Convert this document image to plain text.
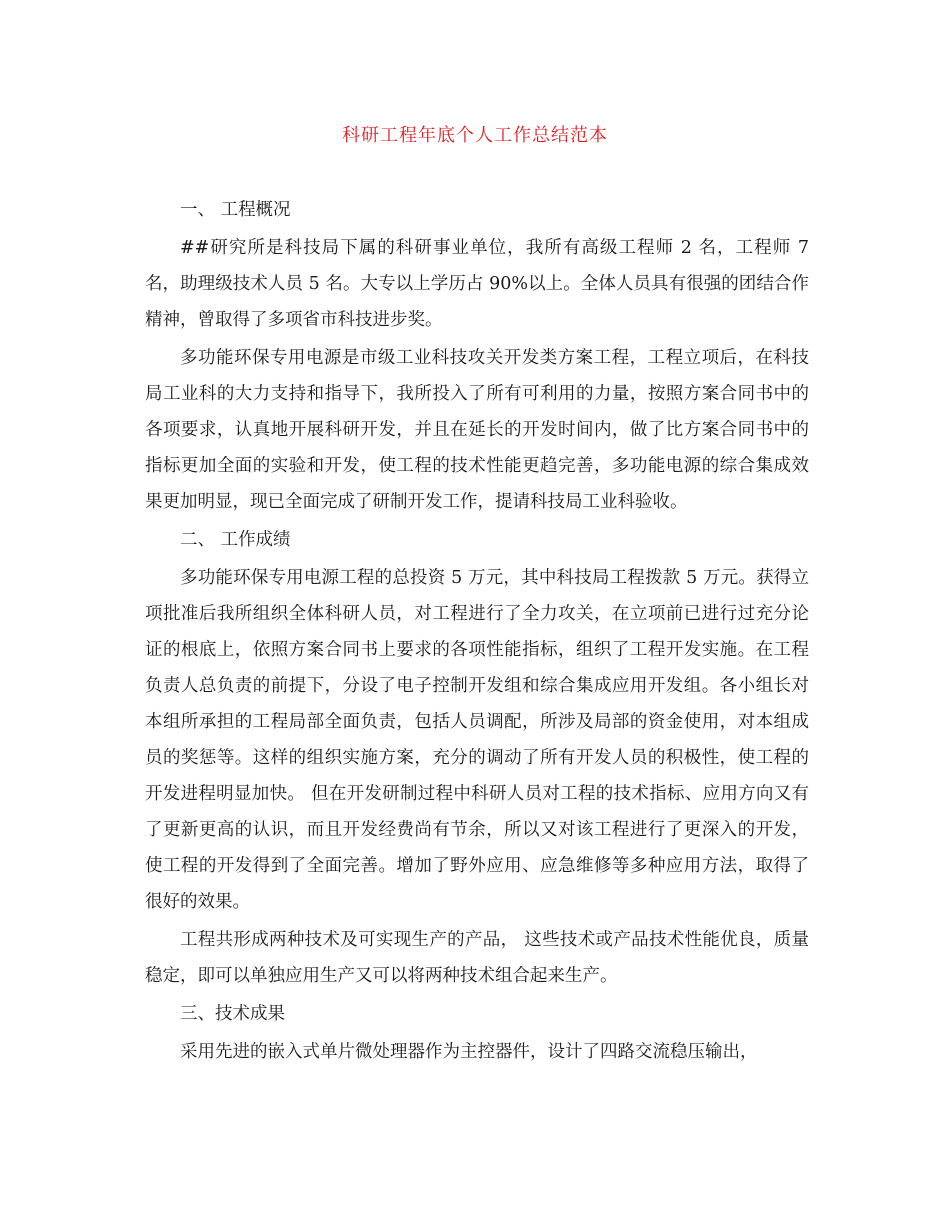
科研工程年底个人工作总结范本

一、 工程概况

##研究所是科技局下属的科研事业单位，我所有高级工程师 2 名，工程师 7 名，助理级技术人员 5 名。大专以上学历占 90%以上。全体人员具有很强的团结合作精神，曾取得了多项省市科技进步奖。

多功能环保专用电源是市级工业科技攻关开发类方案工程，工程立项后，在科技局工业科的大力支持和指导下，我所投入了所有可利用的力量，按照方案合同书中的各项要求，认真地开展科研开发，并且在延长的开发时间内，做了比方案合同书中的指标更加全面的实验和开发，使工程的技术性能更趋完善，多功能电源的综合集成效果更加明显，现已全面完成了研制开发工作，提请科技局工业科验收。

二、 工作成绩

多功能环保专用电源工程的总投资 5 万元，其中科技局工程拨款 5 万元。获得立项批准后我所组织全体科研人员，对工程进行了全力攻关，在立项前已进行过充分论证的根底上，依照方案合同书上要求的各项性能指标，组织了工程开发实施。在工程负责人总负责的前提下，分设了电子控制开发组和综合集成应用开发组。各小组长对本组所承担的工程局部全面负责，包括人员调配，所涉及局部的资金使用，对本组成员的奖惩等。这样的组织实施方案，充分的调动了所有开发人员的积极性，使工程的开发进程明显加快。 但在开发研制过程中科研人员对工程的技术指标、应用方向又有了更新更高的认识，而且开发经费尚有节余，所以又对该工程进行了更深入的开发，使工程的开发得到了全面完善。增加了野外应用、应急维修等多种应用方法，取得了很好的效果。

工程共形成两种技术及可实现生产的产品， 这些技术或产品技术性能优良，质量稳定，即可以单独应用生产又可以将两种技术组合起来生产。

三、技术成果

采用先进的嵌入式单片微处理器作为主控器件，设计了四路交流稳压输出，
